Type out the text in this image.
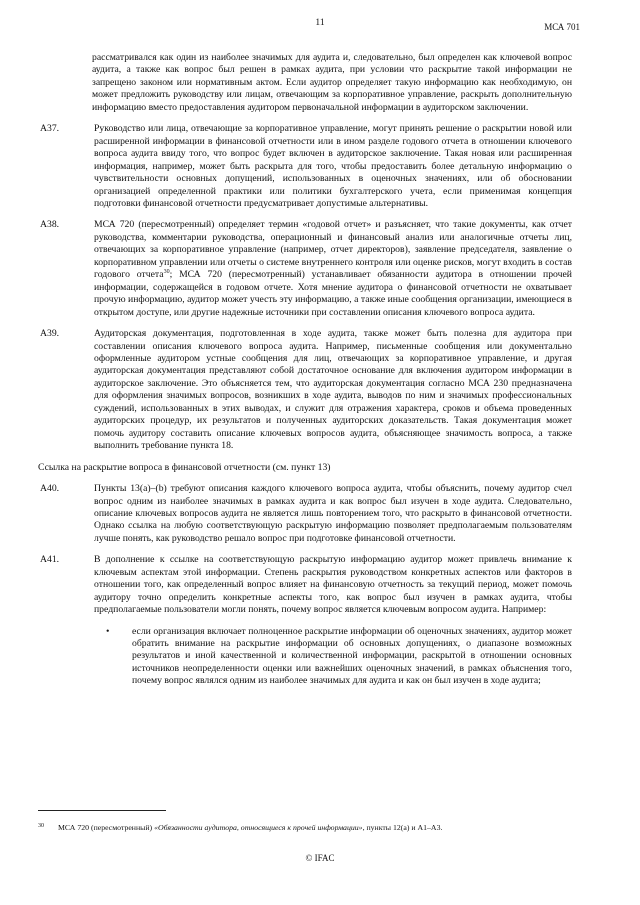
11	МСА 701
рассматривался как один из наиболее значимых для аудита и, следовательно, был определен как ключевой вопрос аудита, а также как вопрос был решен в рамках аудита, при условии что раскрытие такой информации не запрещено законом или нормативным актом. Если аудитор определяет такую информацию как необходимую, он может предложить руководству или лицам, отвечающим за корпоративное управление, раскрыть дополнительную информацию вместо предоставления аудитором первоначальной информации в аудиторском заключении.
A37.	Руководство или лица, отвечающие за корпоративное управление, могут принять решение о раскрытии новой или расширенной информации в финансовой отчетности или в ином разделе годового отчета в отношении ключевого вопроса аудита ввиду того, что вопрос будет включен в аудиторское заключение. Такая новая или расширенная информация, например, может быть раскрыта для того, чтобы предоставить более детальную информацию о чувствительности основных допущений, использованных в оценочных значениях, или об обосновании организацией определенной практики или политики бухгалтерского учета, если применимая концепция подготовки финансовой отчетности предусматривает допустимые альтернативы.
A38.	МСА 720 (пересмотренный) определяет термин «годовой отчет» и разъясняет, что такие документы, как отчет руководства, комментарии руководства, операционный и финансовый анализ или аналогичные отчеты лиц, отвечающих за корпоративное управление (например, отчет директоров), заявление председателя, заявление о корпоративном управлении или отчеты о системе внутреннего контроля или оценке рисков, могут входить в состав годового отчета$^{30}$; МСА 720 (пересмотренный) устанавливает обязанности аудитора в отношении прочей информации, содержащейся в годовом отчете. Хотя мнение аудитора о финансовой отчетности не охватывает прочую информацию, аудитор может учесть эту информацию, а также иные сообщения организации, имеющиеся в открытом доступе, или другие надежные источники при составлении описания ключевого вопроса аудита.
A39.	Аудиторская документация, подготовленная в ходе аудита, также может быть полезна для аудитора при составлении описания ключевого вопроса аудита. Например, письменные сообщения или документально оформленные аудитором устные сообщения для лиц, отвечающих за корпоративное управление, и другая аудиторская документация представляют собой достаточное основание для включения аудитором информации в аудиторское заключение. Это объясняется тем, что аудиторская документация согласно МСА 230 предназначена для оформления значимых вопросов, возникших в ходе аудита, выводов по ним и значимых профессиональных суждений, использованных в этих выводах, и служит для отражения характера, сроков и объема проведенных аудиторских процедур, их результатов и полученных аудиторских доказательств. Такая документация может помочь аудитору составить описание ключевых вопросов аудита, объясняющее значимость вопроса, а также выполнить требование пункта 18.
Ссылка на раскрытие вопроса в финансовой отчетности (см. пункт 13)
A40.	Пункты 13(a)–(b) требуют описания каждого ключевого вопроса аудита, чтобы объяснить, почему аудитор счел вопрос одним из наиболее значимых в рамках аудита и как вопрос был изучен в ходе аудита. Следовательно, описание ключевых вопросов аудита не является лишь повторением того, что раскрыто в финансовой отчетности. Однако ссылка на любую соответствующую раскрытую информацию позволяет предполагаемым пользователям лучше понять, как руководство решало вопрос при подготовке финансовой отчетности.
A41.	В дополнение к ссылке на соответствующую раскрытую информацию аудитор может привлечь внимание к ключевым аспектам этой информации. Степень раскрытия руководством конкретных аспектов или факторов в отношении того, как определенный вопрос влияет на финансовую отчетность за текущий период, может помочь аудитору точно определить конкретные аспекты того, как вопрос был изучен в рамках аудита, чтобы предполагаемые пользователи могли понять, почему вопрос является ключевым вопросом аудита. Например:
•	если организация включает полноценное раскрытие информации об оценочных значениях, аудитор может обратить внимание на раскрытие информации об основных допущениях, о диапазоне возможных результатов и иной качественной и количественной информации, раскрытой в отношении основных источников неопределенности оценки или важнейших оценочных значений, в рамках объяснения того, почему вопрос являлся одним из наиболее значимых для аудита и как он был изучен в ходе аудита;
30	МСА 720 (пересмотренный) «Обязанности аудитора, относящиеся к прочей информации», пункты 12(a) и A1–A3.
© IFAC
